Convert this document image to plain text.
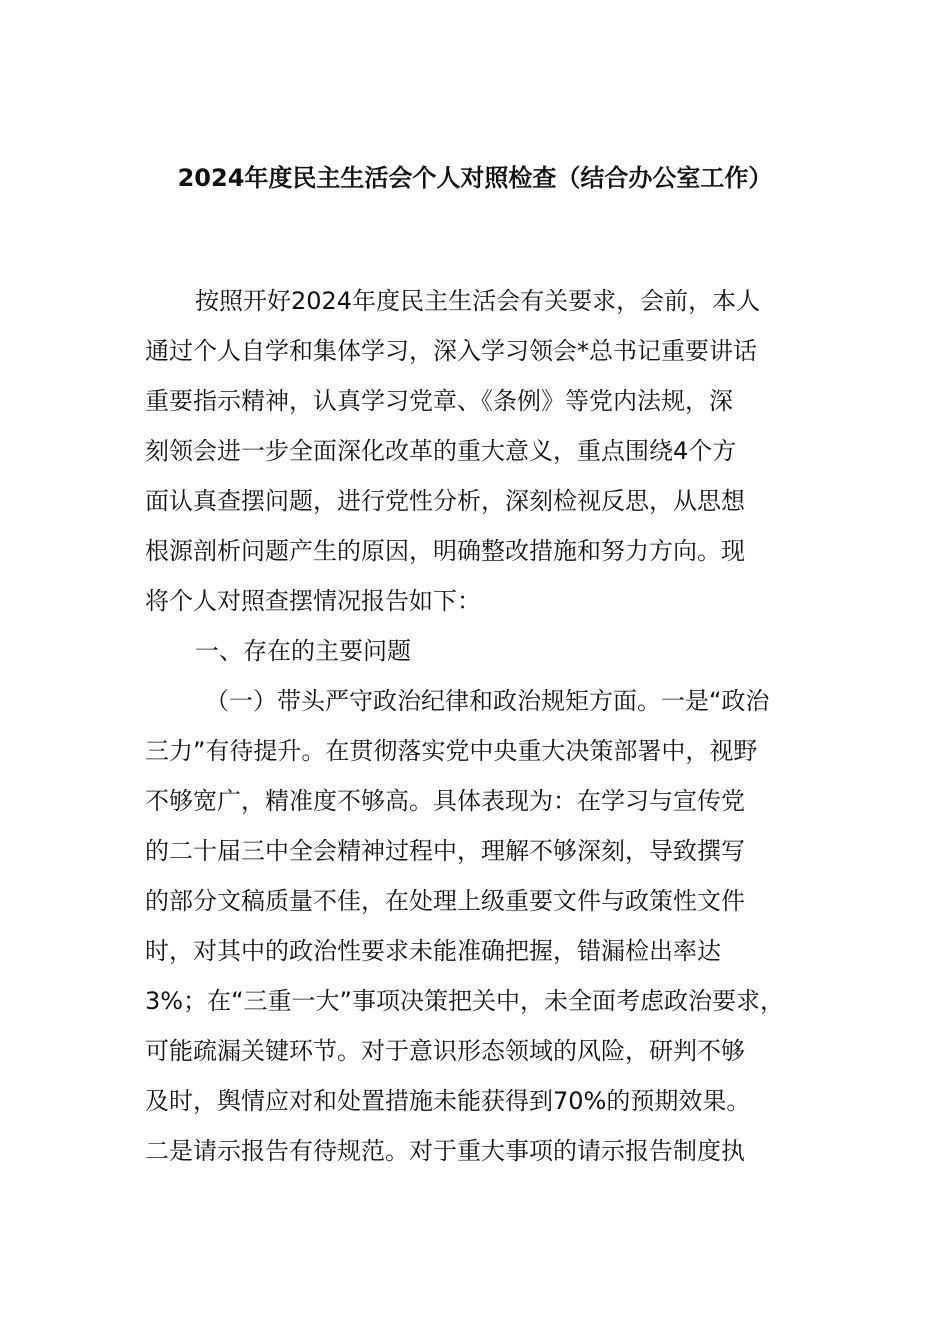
2024年度民主生活会个人对照检查（结合办公室工作）
按照开好2024年度民主生活会有关要求，会前，本人
通过个人自学和集体学习，深入学习领会*总书记重要讲话
重要指示精神，认真学习党章、《条例》等党内法规，深
刻领会进一步全面深化改革的重大意义，重点围绕4个方
面认真查摆问题，进行党性分析，深刻检视反思，从思想
根源剖析问题产生的原因，明确整改措施和努力方向。现
将个人对照查摆情况报告如下：
一、存在的主要问题
（一）带头严守政治纪律和政治规矩方面。一是“政治
三力”有待提升。在贯彻落实党中央重大决策部署中，视野
不够宽广，精准度不够高。具体表现为：在学习与宣传党
的二十届三中全会精神过程中，理解不够深刻，导致撰写
的部分文稿质量不佳，在处理上级重要文件与政策性文件
时，对其中的政治性要求未能准确把握，错漏检出率达
3%；在“三重一大”事项决策把关中，未全面考虑政治要求，
可能疏漏关键环节。对于意识形态领域的风险，研判不够
及时，舆情应对和处置措施未能获得到70%的预期效果。
二是请示报告有待规范。对于重大事项的请示报告制度执
